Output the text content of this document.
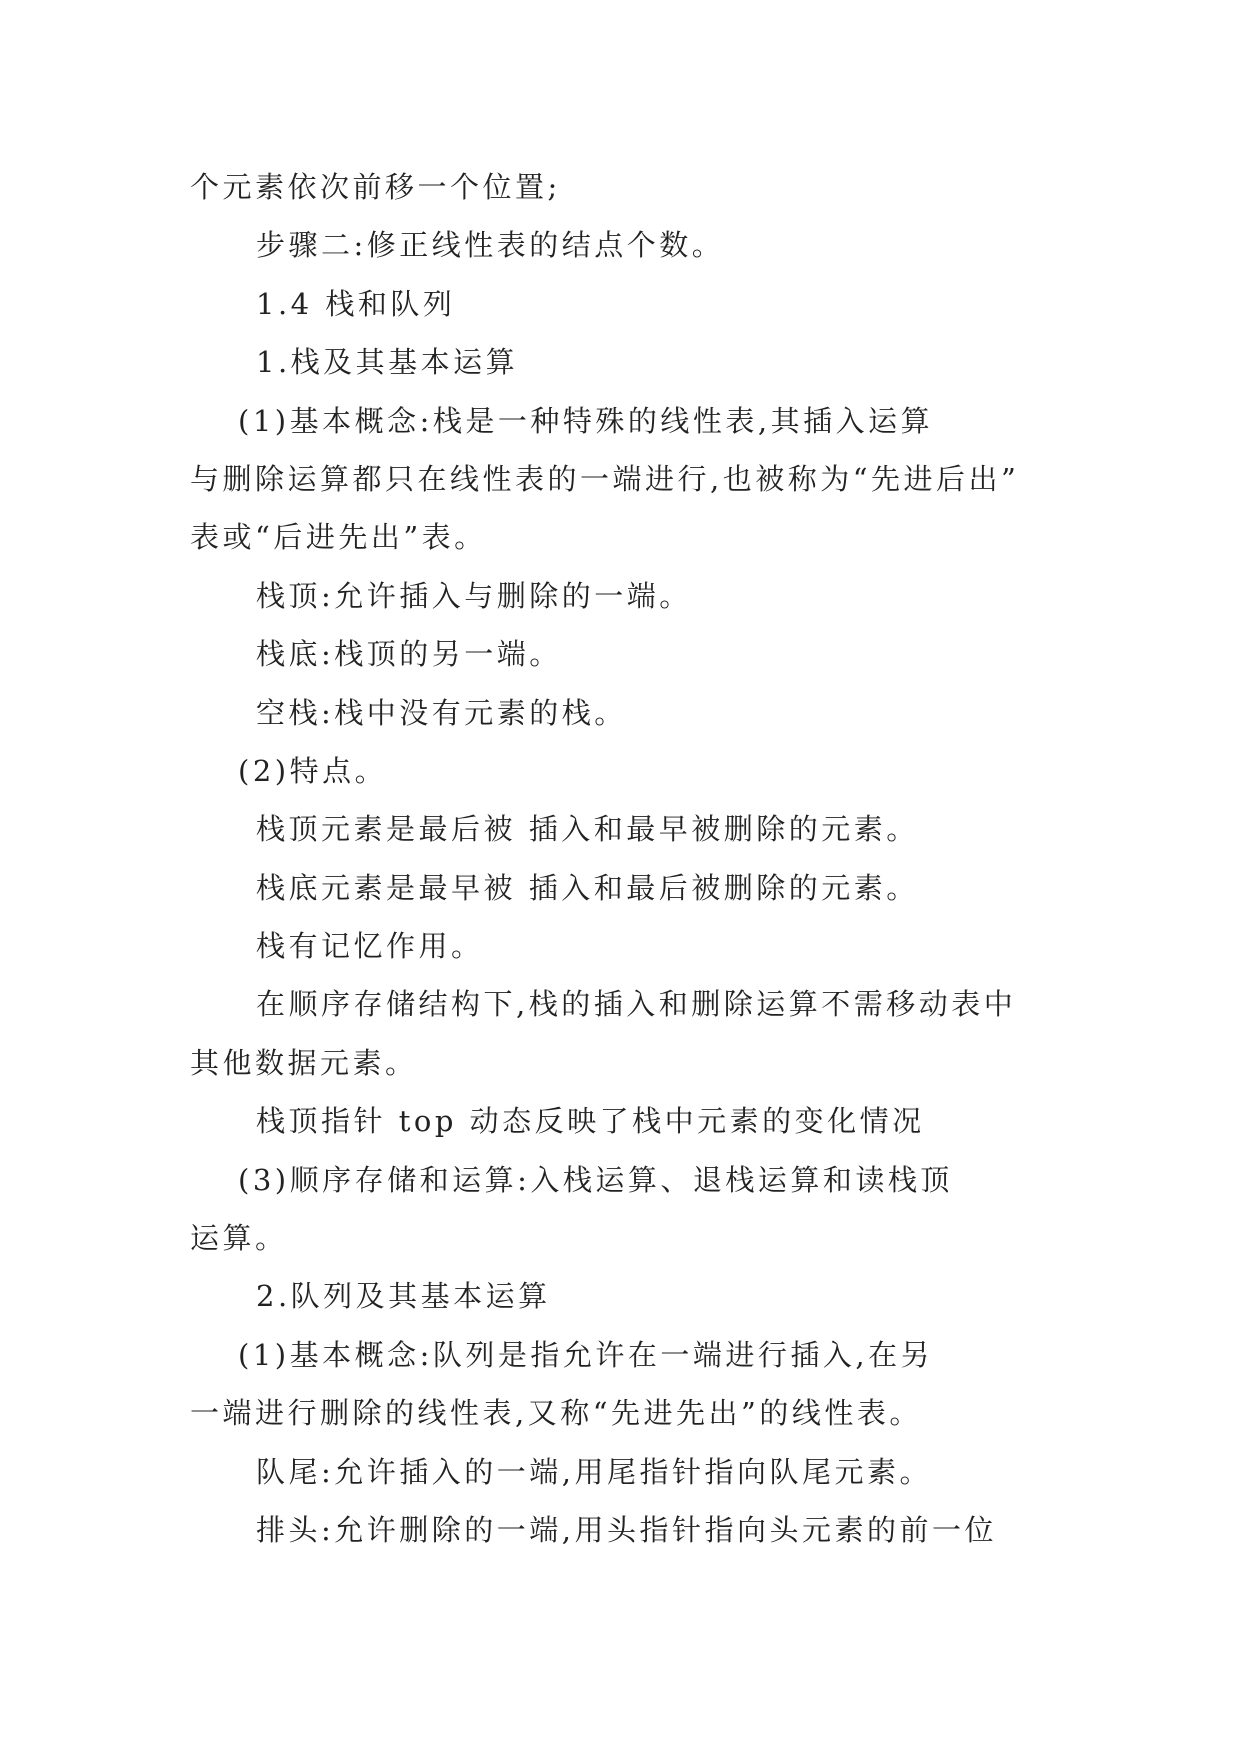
个元素依次前移一个位置;
步骤二:修正线性表的结点个数。
1.4 栈和队列
1.栈及其基本运算
(1)基本概念:栈是一种特殊的线性表,其插入运算
与删除运算都只在线性表的一端进行,也被称为“先进后出”
表或“后进先出”表。
栈顶:允许插入与删除的一端。
栈底:栈顶的另一端。
空栈:栈中没有元素的栈。
(2)特点。
栈顶元素是最后被 插入和最早被删除的元素。
栈底元素是最早被 插入和最后被删除的元素。
栈有记忆作用。
在顺序存储结构下,栈的插入和删除运算不需移动表中
其他数据元素。
栈顶指针 top 动态反映了栈中元素的变化情况
(3)顺序存储和运算:入栈运算、退栈运算和读栈顶
运算。
2.队列及其基本运算
(1)基本概念:队列是指允许在一端进行插入,在另
一端进行删除的线性表,又称“先进先出”的线性表。
队尾:允许插入的一端,用尾指针指向队尾元素。
排头:允许删除的一端,用头指针指向头元素的前一位
